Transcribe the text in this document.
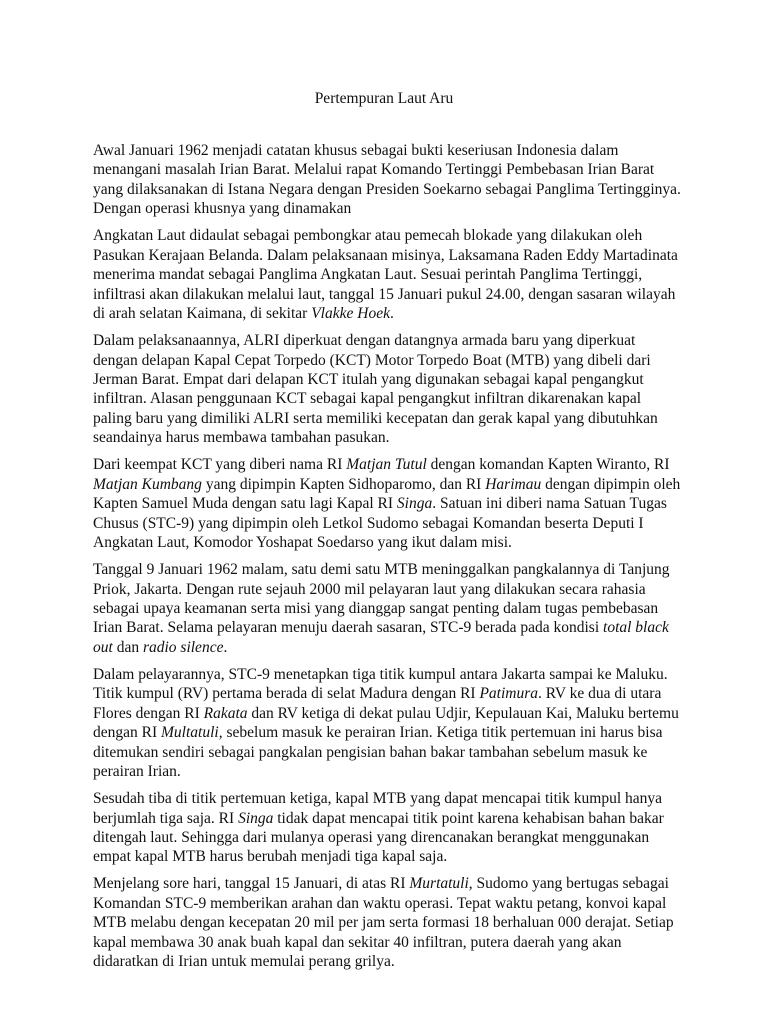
Pertempuran Laut Aru

Awal Januari 1962 menjadi catatan khusus sebagai bukti keseriusan Indonesia dalam menangani masalah Irian Barat. Melalui rapat Komando Tertinggi Pembebasan Irian Barat yang dilaksanakan di Istana Negara dengan Presiden Soekarno sebagai Panglima Tertingginya. Dengan operasi khusnya yang dinamakan

Angkatan Laut didaulat sebagai pembongkar atau pemecah blokade yang dilakukan oleh Pasukan Kerajaan Belanda. Dalam pelaksanaan misinya, Laksamana Raden Eddy Martadinata menerima mandat sebagai Panglima Angkatan Laut. Sesuai perintah Panglima Tertinggi, infiltrasi akan dilakukan melalui laut, tanggal 15 Januari pukul 24.00, dengan sasaran wilayah di arah selatan Kaimana, di sekitar Vlakke Hoek.

Dalam pelaksanaannya, ALRI diperkuat dengan datangnya armada baru yang diperkuat dengan delapan Kapal Cepat Torpedo (KCT) Motor Torpedo Boat (MTB) yang dibeli dari Jerman Barat. Empat dari delapan KCT itulah yang digunakan sebagai kapal pengangkut infiltran. Alasan penggunaan KCT sebagai kapal pengangkut infiltran dikarenakan kapal paling baru yang dimiliki ALRI serta memiliki kecepatan dan gerak kapal yang dibutuhkan seandainya harus membawa tambahan pasukan.

Dari keempat KCT yang diberi nama RI Matjan Tutul dengan komandan Kapten Wiranto, RI Matjan Kumbang yang dipimpin Kapten Sidhoparomo, dan RI Harimau dengan dipimpin oleh Kapten Samuel Muda dengan satu lagi Kapal RI Singa. Satuan ini diberi nama Satuan Tugas Chusus (STC-9) yang dipimpin oleh Letkol Sudomo sebagai Komandan beserta Deputi I Angkatan Laut, Komodor Yoshapat Soedarso yang ikut dalam misi.

Tanggal 9 Januari 1962 malam, satu demi satu MTB meninggalkan pangkalannya di Tanjung Priok, Jakarta. Dengan rute sejauh 2000 mil pelayaran laut yang dilakukan secara rahasia sebagai upaya keamanan serta misi yang dianggap sangat penting dalam tugas pembebasan Irian Barat. Selama pelayaran menuju daerah sasaran, STC-9 berada pada kondisi total black out dan radio silence.

Dalam pelayarannya, STC-9 menetapkan tiga titik kumpul antara Jakarta sampai ke Maluku. Titik kumpul (RV) pertama berada di selat Madura dengan RI Patimura. RV ke dua di utara Flores dengan RI Rakata dan RV ketiga di dekat pulau Udjir, Kepulauan Kai, Maluku bertemu dengan RI Multatuli, sebelum masuk ke perairan Irian. Ketiga titik pertemuan ini harus bisa ditemukan sendiri sebagai pangkalan pengisian bahan bakar tambahan sebelum masuk ke perairan Irian.

Sesudah tiba di titik pertemuan ketiga, kapal MTB yang dapat mencapai titik kumpul hanya berjumlah tiga saja. RI Singa tidak dapat mencapai titik point karena kehabisan bahan bakar ditengah laut. Sehingga dari mulanya operasi yang direncanakan berangkat menggunakan empat kapal MTB harus berubah menjadi tiga kapal saja.

Menjelang sore hari, tanggal 15 Januari, di atas RI Murtatuli, Sudomo yang bertugas sebagai Komandan STC-9 memberikan arahan dan waktu operasi. Tepat waktu petang, konvoi kapal MTB melabu dengan kecepatan 20 mil per jam serta formasi 18 berhaluan 000 derajat. Setiap kapal membawa 30 anak buah kapal dan sekitar 40 infiltran, putera daerah yang akan didaratkan di Irian untuk memulai perang grilya.
